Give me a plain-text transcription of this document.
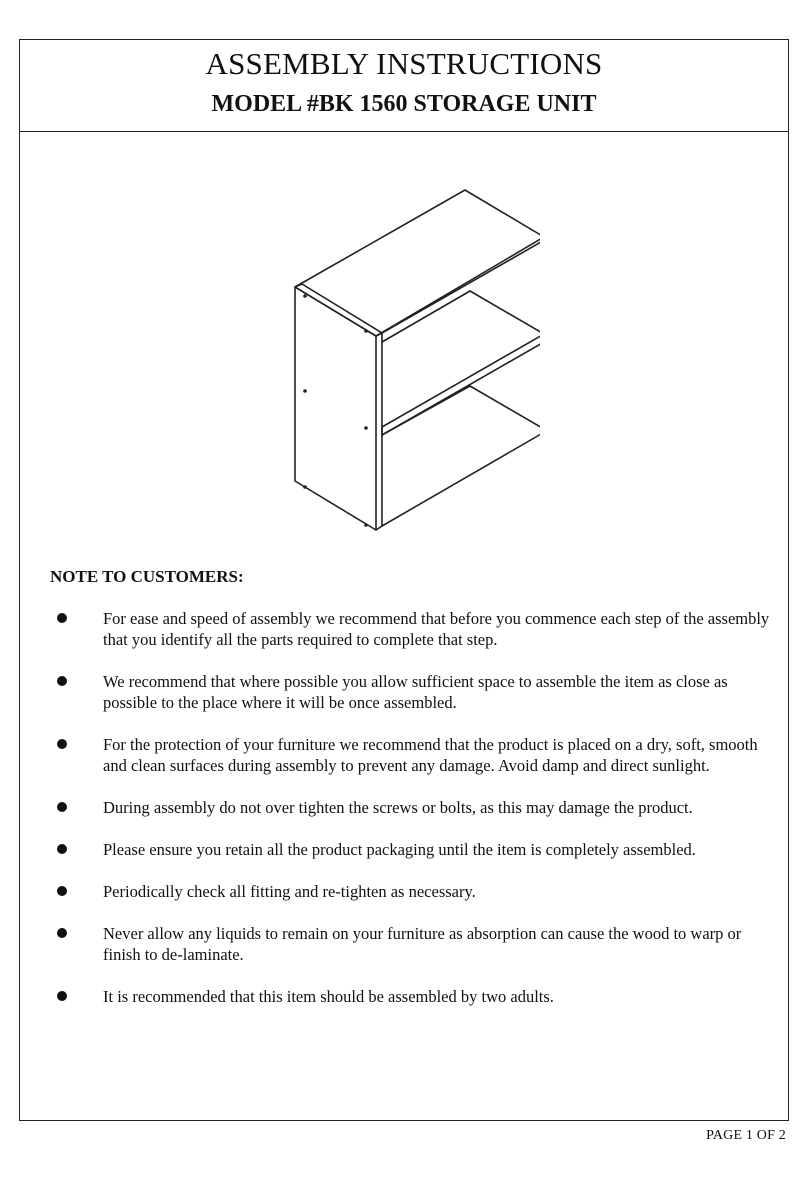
ASSEMBLY INSTRUCTIONS
MODEL #BK 1560 STORAGE UNIT
NOTE TO CUSTOMERS:
For ease and speed of assembly we recommend that before you commence each step of the assembly that you identify all the parts required to complete that step.
We recommend that where possible you allow sufficient space to assemble the item as close as possible to the place where it will be once assembled.
For the protection of your furniture we recommend that the product is placed on a dry, soft, smooth and clean surfaces during assembly to prevent any damage. Avoid damp and direct sunlight.
During assembly do not over tighten the screws or bolts, as this may damage the product.
Please ensure you retain all the product packaging until the item is completely assembled.
Periodically check all fitting and re-tighten as necessary.
Never allow any liquids to remain on your furniture as absorption can cause the wood to warp or finish to de-laminate.
It is recommended that this item should be assembled by two adults.
PAGE 1 OF 2
